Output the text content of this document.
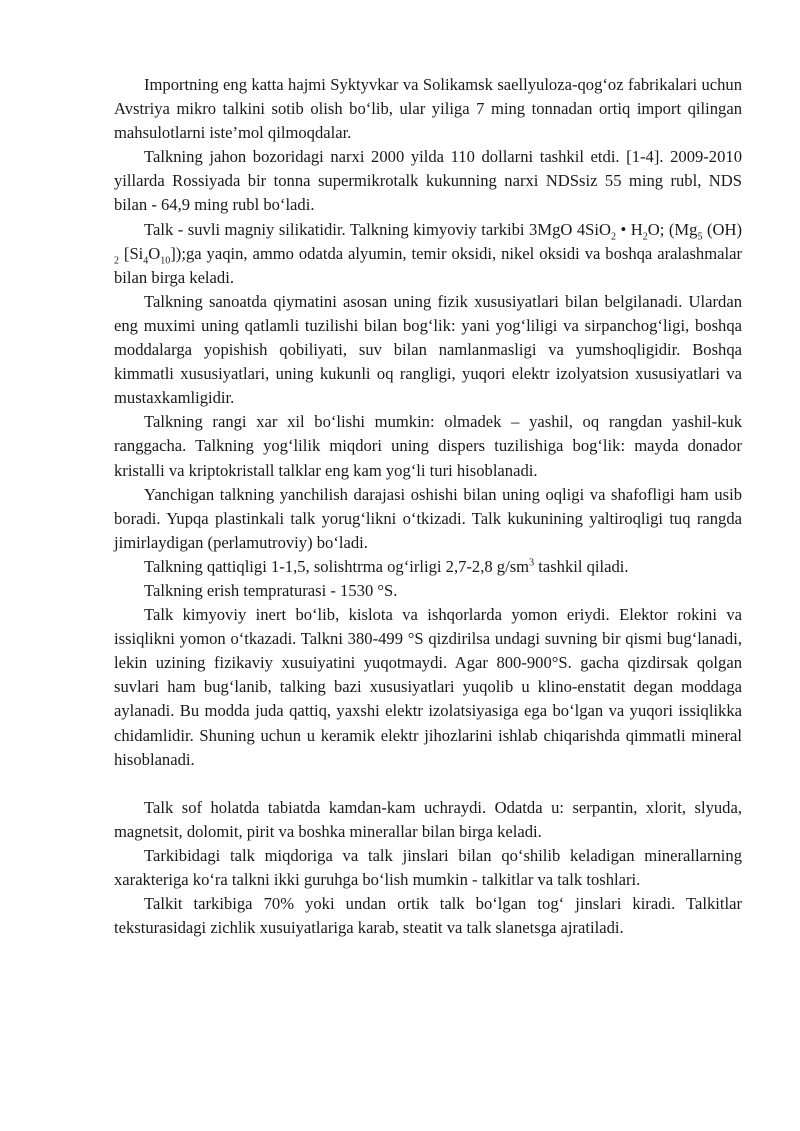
Importning eng katta hajmi Syktyvkar va Solikamsk saellyuloza-qog‘oz fabrikalari uchun Avstriya mikro talkini sotib olish bo‘lib, ular yiliga 7 ming tonnadan ortiq import qilingan mahsulotlarni iste’mol qilmoqdalar.

Talkning jahon bozoridagi narxi 2000 yilda 110 dollarni tashkil etdi. [1-4]. 2009-2010 yillarda Rossiyada bir tonna supermikrotalk kukunning narxi NDSsiz 55 ming rubl, NDS bilan - 64,9 ming rubl bo‘ladi.

Talk - suvli magniy silikatidir. Talkning kimyoviy tarkibi 3MgO 4SiO$_2$ • $H_2O$; ($Mg_5$ (OH) $_2$ $[Si_4O_{10}]);ga$ yaqin, ammo odatda alyumin, temir oksidi, nikel oksidi va boshqa aralashmalar bilan birga keladi.

Talkning sanoatda qiymatini asosan uning fizik xususiyatlari bilan belgilanadi. Ulardan eng muximi uning qatlamli tuzilishi bilan bog‘lik: yani yog‘liligi va sirpanchog‘ligi, boshqa moddalarga yopishish qobiliyati, suv bilan namlanmasligi va yumshoqligidir. Boshqa kimmatli xususiyatlari, uning kukunli oq rangligi, yuqori elektr izolyatsion xususiyatlari va mustaxkamligidir.

Talkning rangi xar xil bo‘lishi mumkin: olmadek – yashil, oq rangdan yashil-kuk ranggacha. Talkning yog‘lilik miqdori uning dispers tuzilishiga bog‘lik: mayda donador kristalli va kriptokristall talklar eng kam yog‘li turi hisoblanadi.

Yanchigan talkning yanchilish darajasi oshishi bilan uning oqligi va shafofligi ham usib boradi. Yupqa plastinkali talk yorug‘likni o‘tkizadi. Talk kukunining yaltiroqligi tuq rangda jimirlaydigan (perlamutroviy) bo‘ladi.

Talkning qattiqligi 1-1,5, solishtrma og‘irligi 2,7-2,8 $g/sm^3$ tashkil qiladi.

Talkning erish tempraturasi - 1530 °S.

Talk kimyoviy inert bo‘lib, kislota va ishqorlarda yomon eriydi. Elektor rokini va issiqlikni yomon o‘tkazadi. Talkni 380-499 °S qizdirilsa undagi suvning bir qismi bug‘lanadi, lekin uzining fizikaviy xusuiyatini yuqotmaydi. Agar 800-900°S. gacha qizdirsak qolgan suvlari ham bug‘lanib, talking bazi xususiyatlari yuqolib u klino-enstatit degan moddaga aylanadi. Bu modda juda qattiq, yaxshi elektr izolatsiyasiga ega bo‘lgan va yuqori issiqlikka chidamlidir. Shuning uchun u keramik elektr jihozlarini ishlab chiqarishda qimmatli mineral hisoblanadi.

Talk sof holatda tabiatda kamdan-kam uchraydi. Odatda u: serpantin, xlorit, slyuda, magnetsit, dolomit, pirit va boshka minerallar bilan birga keladi.

Tarkibidagi talk miqdoriga va talk jinslari bilan qo‘shilib keladigan minerallarning xarakteriga ko‘ra talkni ikki guruhga bo‘lish mumkin - talkitlar va talk toshlari.

Talkit tarkibiga 70% yoki undan ortik talk bo‘lgan tog‘ jinslari kiradi. Talkitlar teksturasidagi zichlik xusuiyatlariga karab, steatit va talk slanetsga ajratiladi.
